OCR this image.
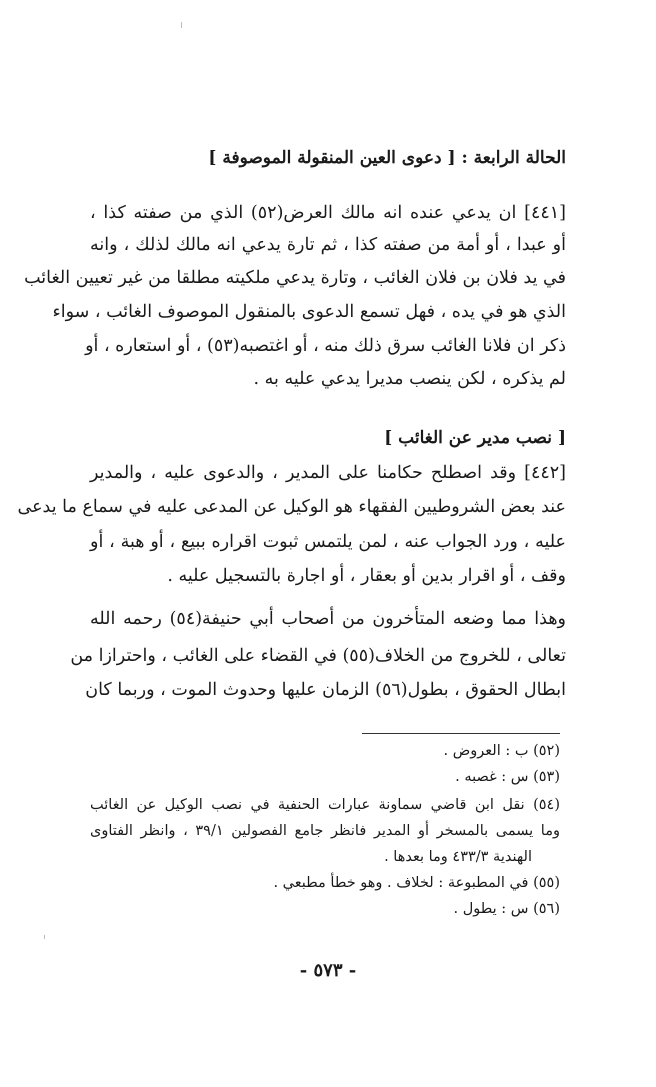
الحالة الرابعة : [ دعوى العين المنقولة الموصوفة ]
[٤٤١] ان يدعي عنده انه مالك العرض(٥٢) الذي من صفته كذا ،
أو عبدا ، أو أمة من صفته كذا ، ثم تارة يدعي انه مالك لذلك ، وانه
في يد فلان بن فلان الغائب ، وتارة يدعي ملكيته مطلقا من غير تعيين الغائب
الذي هو في يده ، فهل تسمع الدعوى بالمنقول الموصوف الغائب ، سواء
ذكر ان فلانا الغائب سرق ذلك منه ، أو اغتصبه(٥٣) ، أو استعاره ، أو
لم يذكره ، لكن ينصب مديرا يدعي عليه به .
[ نصب مدير عن الغائب ]
[٤٤٢] وقد اصطلح حكامنا على المدير ، والدعوى عليه ، والمدير
عند بعض الشروطيين الفقهاء هو الوكيل عن المدعى عليه في سماع ما يدعى
عليه ، ورد الجواب عنه ، لمن يلتمس ثبوت اقراره ببيع ، أو هبة ، أو
وقف ، أو اقرار بدين أو بعقار ، أو اجارة بالتسجيل عليه .
وهذا مما وضعه المتأخرون من أصحاب أبي حنيفة(٥٤) رحمه الله
تعالى ، للخروج من الخلاف(٥٥) في القضاء على الغائب ، واحترازا من
ابطال الحقوق ، بطول(٥٦) الزمان عليها وحدوث الموت ، وربما كان
(٥٢) ب : العروض .
(٥٣) س : غصبه .
(٥٤) نقل ابن قاضي سماونة عبارات الحنفية في نصب الوكيل عن الغائب
وما يسمى بالمسخر أو المدير فانظر جامع الفصولين ٣٩/١ ، وانظر الفتاوى
الهندية ٤٣٣/٣ وما بعدها .
(٥٥) في المطبوعة : لخلاف . وهو خطأ مطبعي .
(٥٦) س : يطول .
- ٥٧٣ -
